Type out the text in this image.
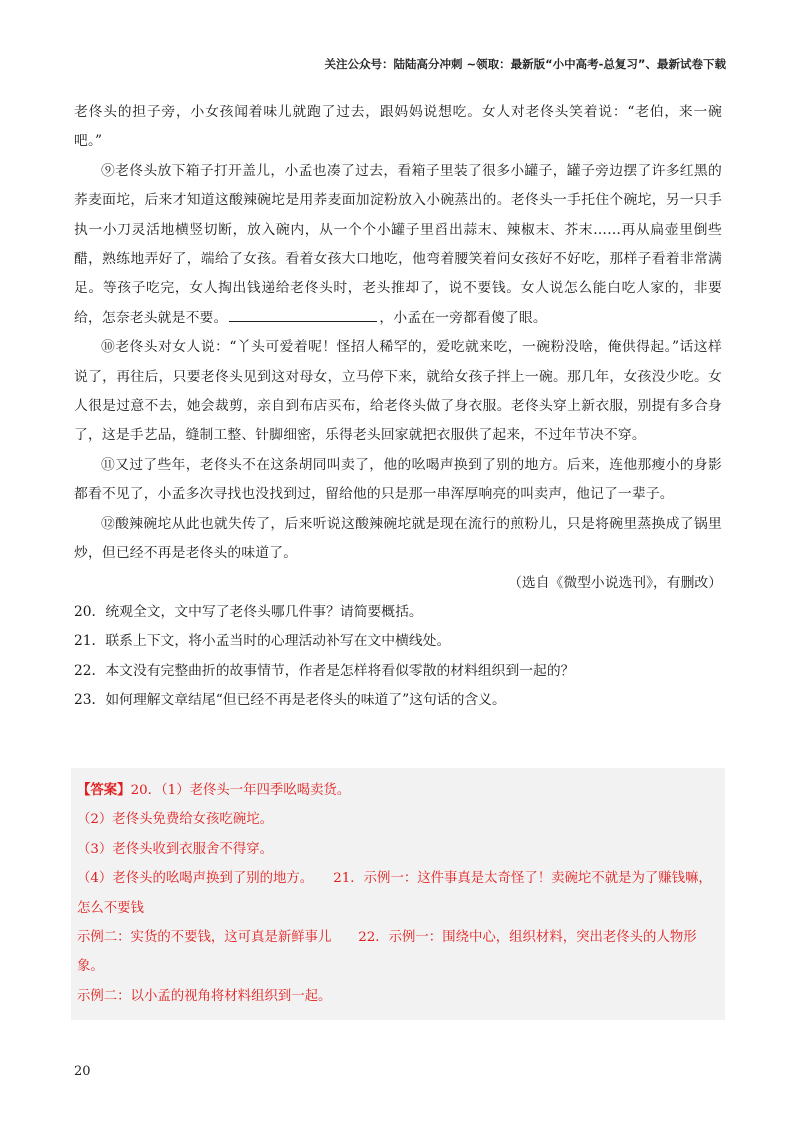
关注公众号：陆陆高分冲刺 ~领取：最新版“小中高考-总复习”、最新试卷下载

老佟头的担子旁，小女孩闻着味儿就跑了过去，跟妈妈说想吃。女人对老佟头笑着说：“老伯，来一碗吧。”

⑨老佟头放下箱子打开盖儿，小孟也凑了过去，看箱子里装了很多小罐子，罐子旁边摆了许多红黑的荞麦面坨，后来才知道这酸辣碗坨是用荞麦面加淀粉放入小碗蒸出的。老佟头一手托住个碗坨，另一只手执一小刀灵活地横竖切断，放入碗内，从一个个小罐子里舀出蒜末、辣椒末、芥末……再从扁壶里倒些醋，熟练地弄好了，端给了女孩。看着女孩大口地吃，他弯着腰笑着问女孩好不好吃，那样子看着非常满足。等孩子吃完，女人掏出钱递给老佟头时，老头推却了，说不要钱。女人说怎么能白吃人家的，非要给，怎奈老头就是不要。	，小孟在一旁都看傻了眼。

⑩老佟头对女人说：“丫头可爱着呢！怪招人稀罕的，爱吃就来吃，一碗粉没啥，俺供得起。”话这样说了，再往后，只要老佟头见到这对母女，立马停下来，就给女孩子拌上一碗。那几年，女孩没少吃。女人很是过意不去，她会裁剪，亲自到布店买布，给老佟头做了身衣服。老佟头穿上新衣服，别提有多合身了，这是手艺品，缝制工整、针脚细密，乐得老头回家就把衣服供了起来，不过年节决不穿。

⑪又过了些年，老佟头不在这条胡同叫卖了，他的吆喝声换到了别的地方。后来，连他那瘦小的身影都看不见了，小孟多次寻找也没找到过，留给他的只是那一串浑厚响亮的叫卖声，他记了一辈子。

⑫酸辣碗坨从此也就失传了，后来听说这酸辣碗坨就是现在流行的煎粉儿，只是将碗里蒸换成了锅里炒，但已经不再是老佟头的味道了。

（选自《微型小说选刊》，有删改）

20．统观全文，文中写了老佟头哪几件事？请简要概括。

21．联系上下文，将小孟当时的心理活动补写在文中横线处。

22．本文没有完整曲折的故事情节，作者是怎样将看似零散的材料组织到一起的？

23．如何理解文章结尾“但已经不再是老佟头的味道了”这句话的含义。

【答案】20．（1）老佟头一年四季吆喝卖货。

（2）老佟头免费给女孩吃碗坨。

（3）老佟头收到衣服舍不得穿。

（4）老佟头的吆喝声换到了别的地方。　　21．示例一：这件事真是太奇怪了！卖碗坨不就是为了赚钱嘛，怎么不要钱

示例二：实货的不要钱，这可真是新鲜事儿　　22．示例一：围绕中心，组织材料，突出老佟头的人物形象。

示例二：以小孟的视角将材料组织到一起。

20
